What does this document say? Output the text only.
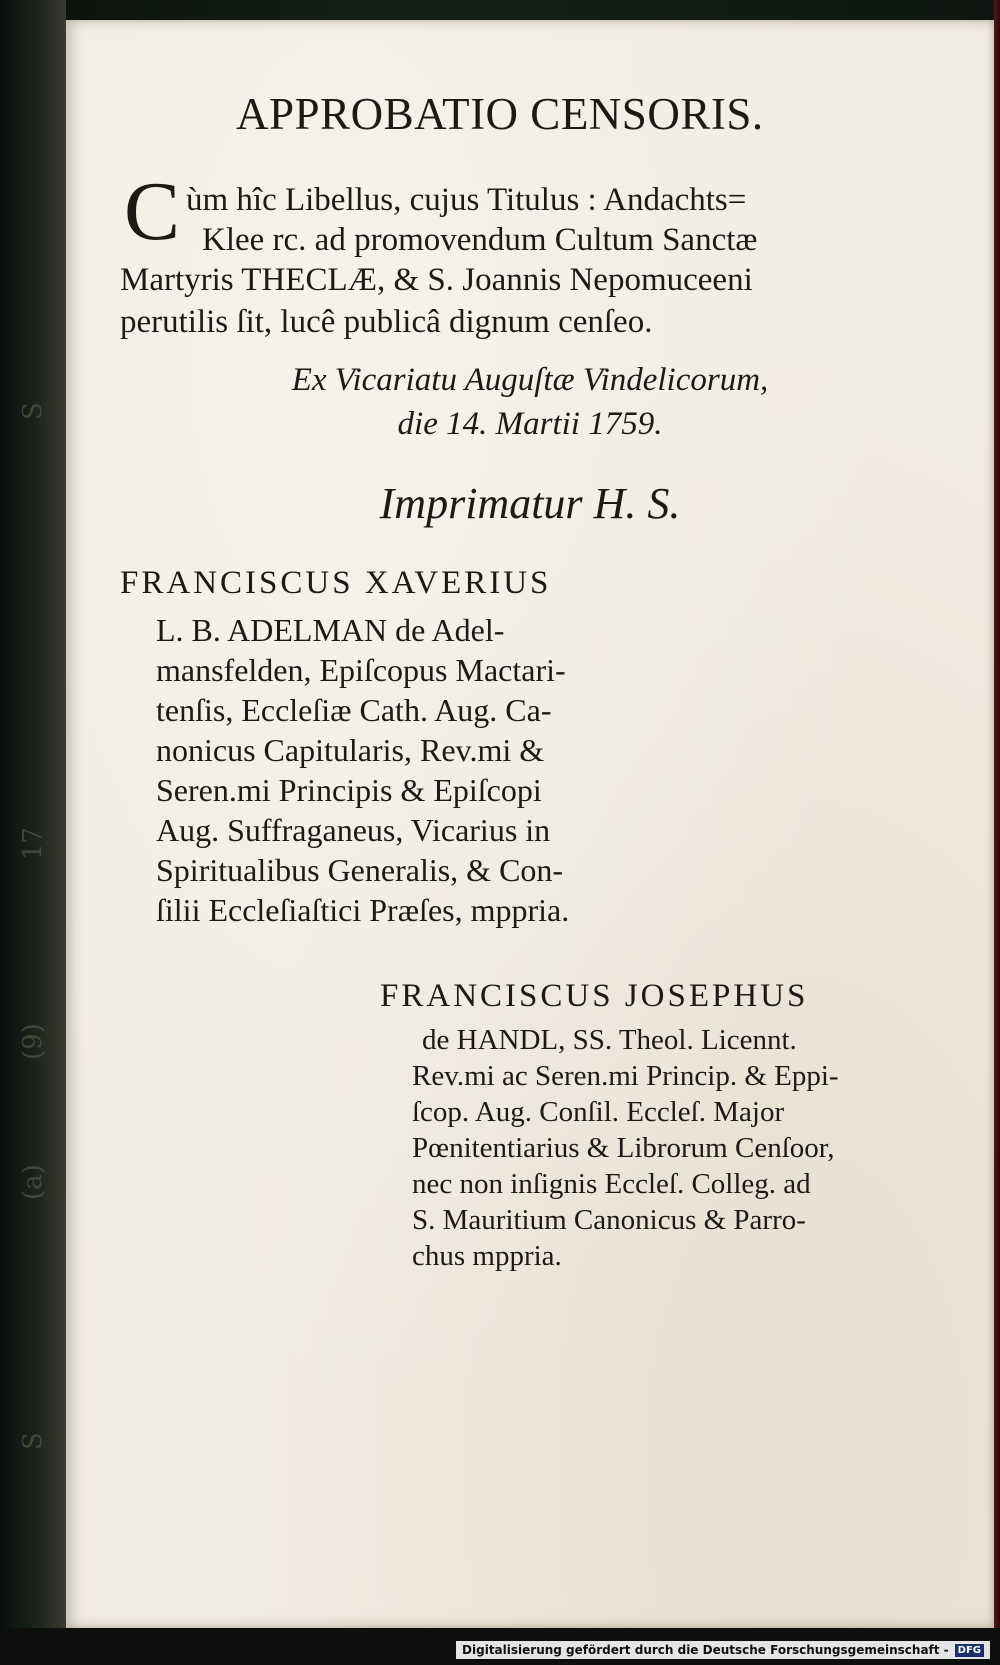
S
17
(9)
(a)
S
APPROBATIO CENSORIS.
C ùm hîc Libellus, cujus Titulus : Andachts=
Klee rc. ad promovendum Cultum Sanctæ
Martyris THECLÆ, & S. Joannis Nepomuceeni
perutilis ſit, lucê publicâ dignum cenſeo.
Ex Vicariatu Auguſtæ Vindelicorum,
die 14. Martii 1759.
Imprimatur H. S.
FRANCISCUS XAVERIUS
L. B. ADELMAN de Adel-
mansfelden, Epiſcopus Mactari-
tenſis, Eccleſiæ Cath. Aug. Ca-
nonicus Capitularis, Rev.mi &
Seren.mi Principis & Epiſcopi
Aug. Suffraganeus, Vicarius in
Spiritualibus Generalis, & Con-
ſilii Eccleſiaſtici Præſes, mppria.
FRANCISCUS JOSEPHUS
de HANDL, SS. Theol. Licennt.
Rev.mi ac Seren.mi Princip. & Eppi-
ſcop. Aug. Conſil. Eccleſ. Major
Pœnitentiarius & Librorum Cenſoor,
nec non inſignis Eccleſ. Colleg. ad
S. Mauritium Canonicus & Parro-
chus mppria.
Digitalisierung gefördert durch die Deutsche Forschungsgemeinschaft - DFG
